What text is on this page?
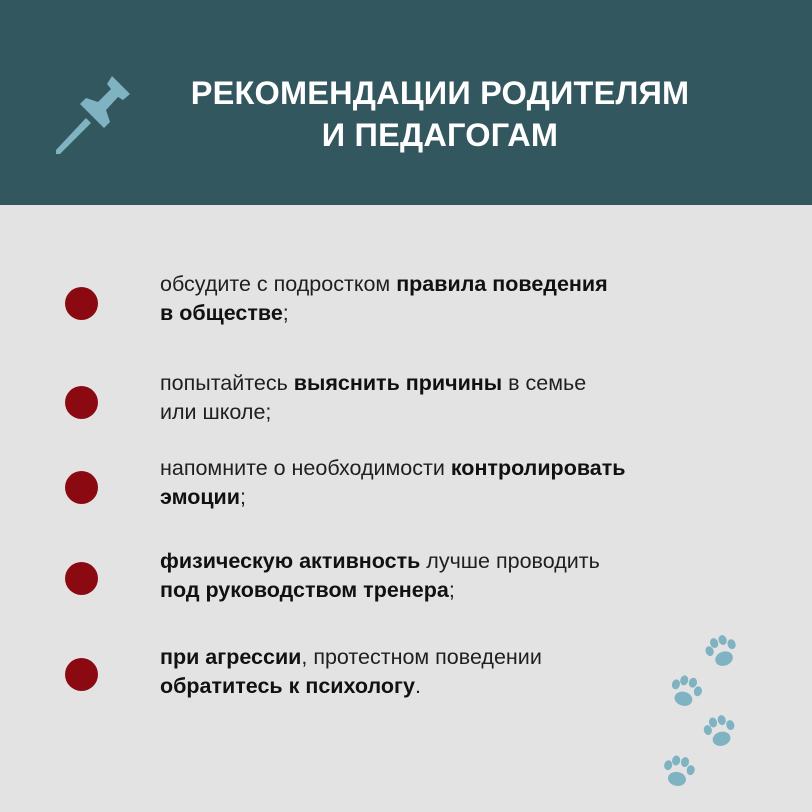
РЕКОМЕНДАЦИИ РОДИТЕЛЯМ
И ПЕДАГОГАМ
обсудите с подростком правила поведения
в обществе;
попытайтесь выяснить причины в семье
или школе;
напомните о необходимости контролировать
эмоции;
физическую активность лучше проводить
под руководством тренера;
при агрессии, протестном поведении
обратитесь к психологу.
